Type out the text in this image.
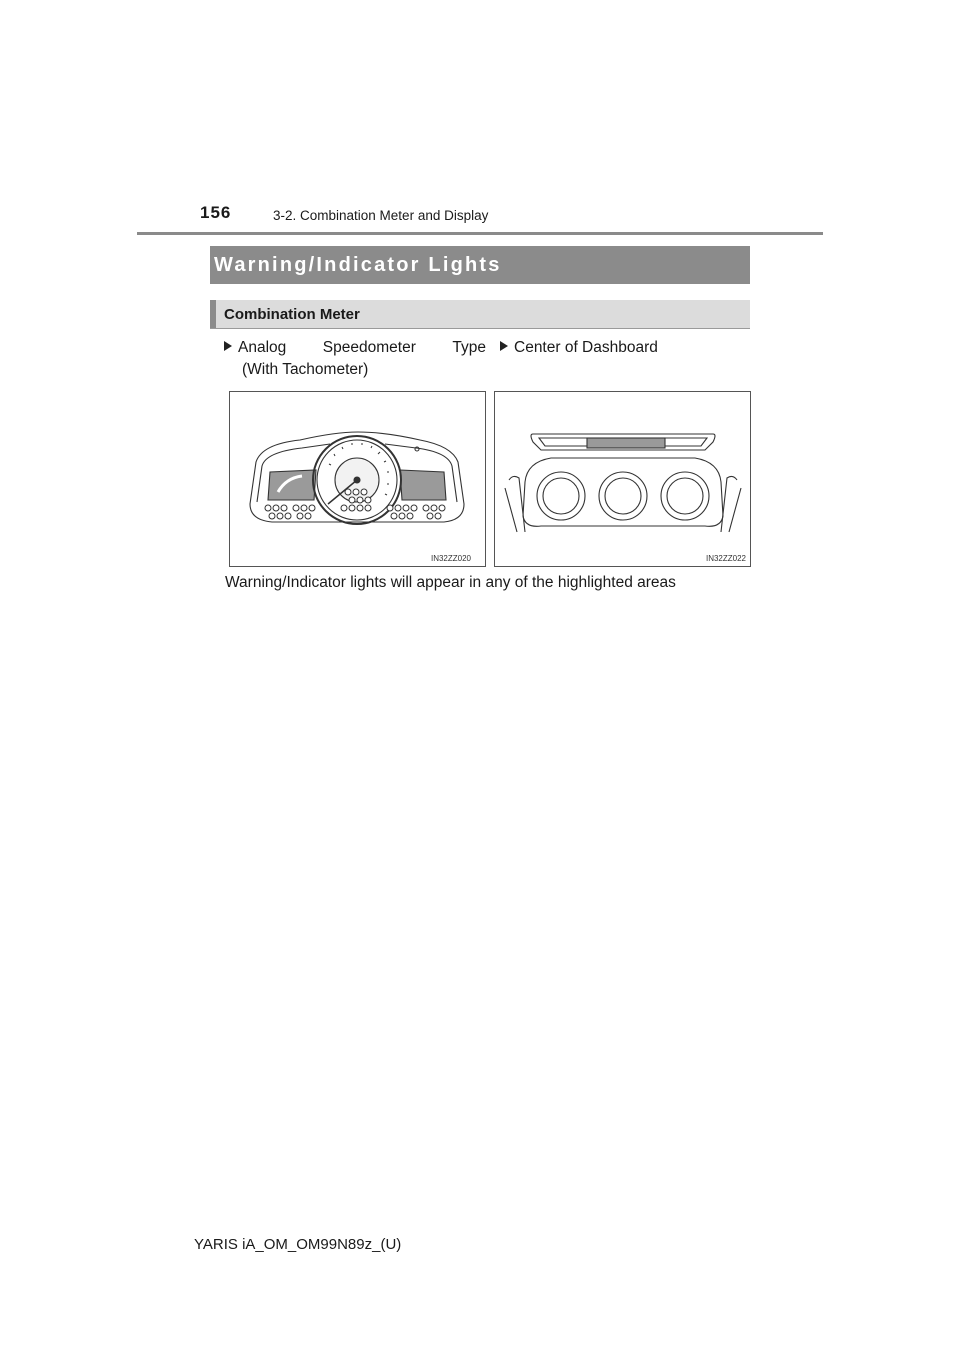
156	3-2. Combination Meter and Display
Warning/Indicator Lights
Combination Meter
Analog Speedometer Type
(With Tachometer)
Center of Dashboard
IN32ZZ020	IN32ZZ022
Warning/Indicator lights will appear in any of the highlighted areas
YARIS iA_OM_OM99N89z_(U)
